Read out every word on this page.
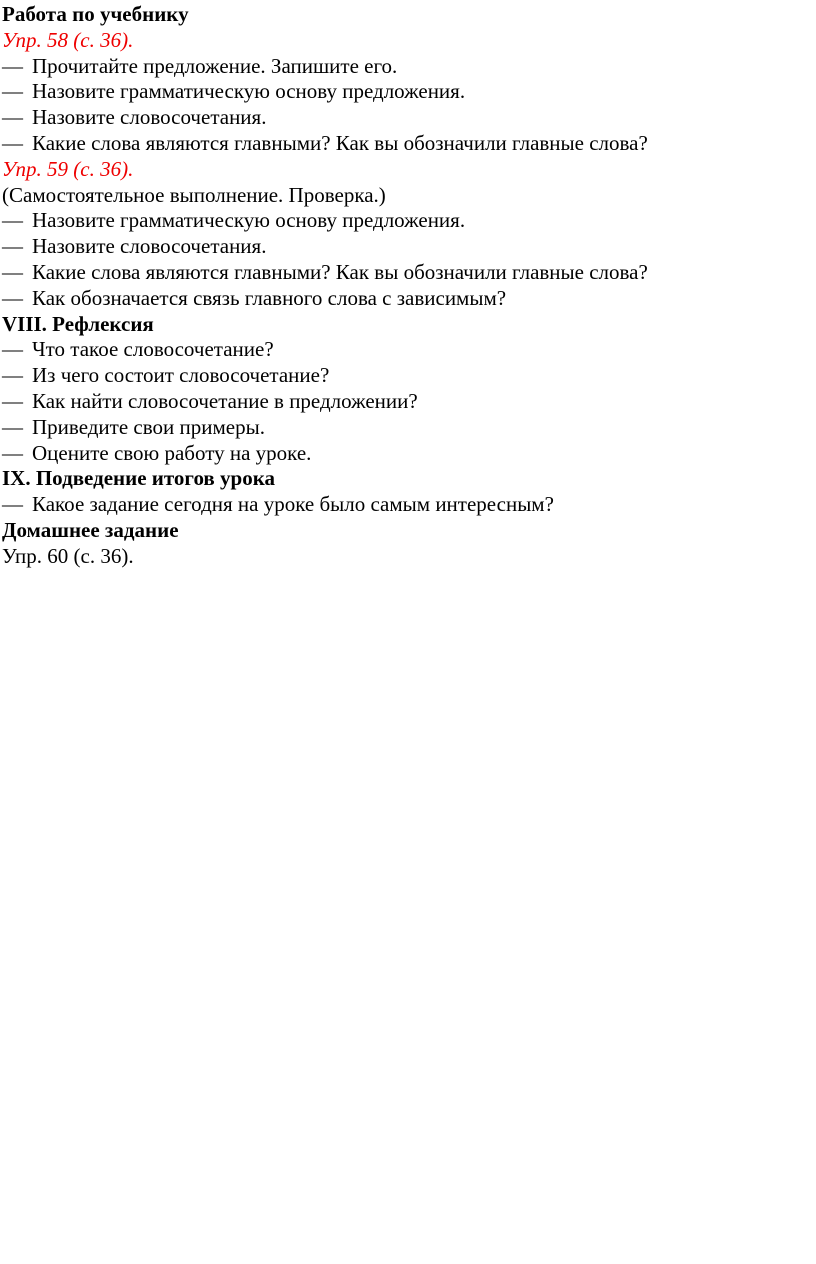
Работа по учебнику
Упр. 58 (с. 36).
— Прочитайте предложение. Запишите его.
— Назовите грамматическую основу предложения.
— Назовите словосочетания.
— Какие слова являются главными? Как вы обозначили главные слова?
Упр. 59 (с. 36).
(Самостоятельное выполнение. Проверка.)
— Назовите грамматическую основу предложения.
— Назовите словосочетания.
— Какие слова являются главными? Как вы обозначили главные слова?
— Как обозначается связь главного слова с зависимым?
VIII. Рефлексия
— Что такое словосочетание?
— Из чего состоит словосочетание?
— Как найти словосочетание в предложении?
— Приведите свои примеры.
— Оцените свою работу на уроке.
IX. Подведение итогов урока
— Какое задание сегодня на уроке было самым интересным?
Домашнее задание
Упр. 60 (с. 36).
